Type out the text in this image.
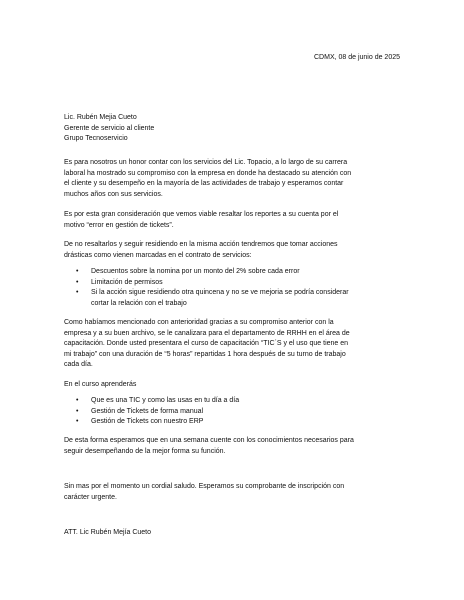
CDMX, 08 de junio de 2025
Lic. Rubén Mejia Cueto
Gerente de servicio al cliente
Grupo Tecnoservicio
Es para nosotros un honor contar con los servicios del Lic. Topacio, a lo largo de su carrera
laboral ha mostrado su compromiso con la empresa en donde ha destacado su atención con
el cliente y su desempeño en la mayoría de las actividades de trabajo y esperamos contar
muchos años con sus servicios.
Es por esta gran consideración que vemos viable resaltar los reportes a su cuenta por el
motivo “error en gestión de tickets”.
De no resaltarlos y seguir residiendo en la misma acción tendremos que tomar acciones
drásticas como vienen marcadas en el contrato de servicios:
• Descuentos sobre la nomina por un monto del 2% sobre cada error
• Limitación de permisos
• Si la acción sigue residiendo otra quincena y no se ve mejoria se podría considerar
cortar la relación con el trabajo
Como habíamos mencionado con anterioridad gracias a su compromiso anterior con la
empresa y a su buen archivo, se le canalizara para el departamento de RRHH en el área de
capacitación. Donde usted presentara el curso de capacitación “TIC´S y el uso que tiene en
mi trabajo” con una duración de “5 horas” repartidas 1 hora después de su turno de trabajo
cada día.
En el curso aprenderás
• Que es una TIC y como las usas en tu día a día
• Gestión de Tickets de forma manual
• Gestión de Tickets con nuestro ERP
De esta forma esperamos que en una semana cuente con los conocimientos necesarios para
seguir desempeñando de la mejor forma su función.
Sin mas por el momento un cordial saludo. Esperamos su comprobante de inscripción con
carácter urgente.
ATT. Lic Rubén Mejía Cueto
